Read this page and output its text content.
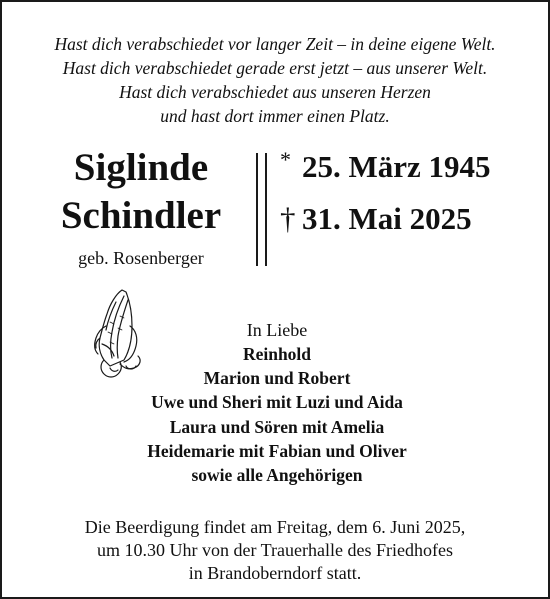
Hast dich verabschiedet vor langer Zeit – in deine eigene Welt.
Hast dich verabschiedet gerade erst jetzt – aus unserer Welt.
Hast dich verabschiedet aus unseren Herzen
und hast dort immer einen Platz.
Siglinde
Schindler
geb. Rosenberger
* 25. März 1945
† 31. Mai 2025
In Liebe
Reinhold
Marion und Robert
Uwe und Sheri mit Luzi und Aida
Laura und Sören mit Amelia
Heidemarie mit Fabian und Oliver
sowie alle Angehörigen
Die Beerdigung findet am Freitag, dem 6. Juni 2025,
um 10.30 Uhr von der Trauerhalle des Friedhofes
in Brandoberndorf statt.
